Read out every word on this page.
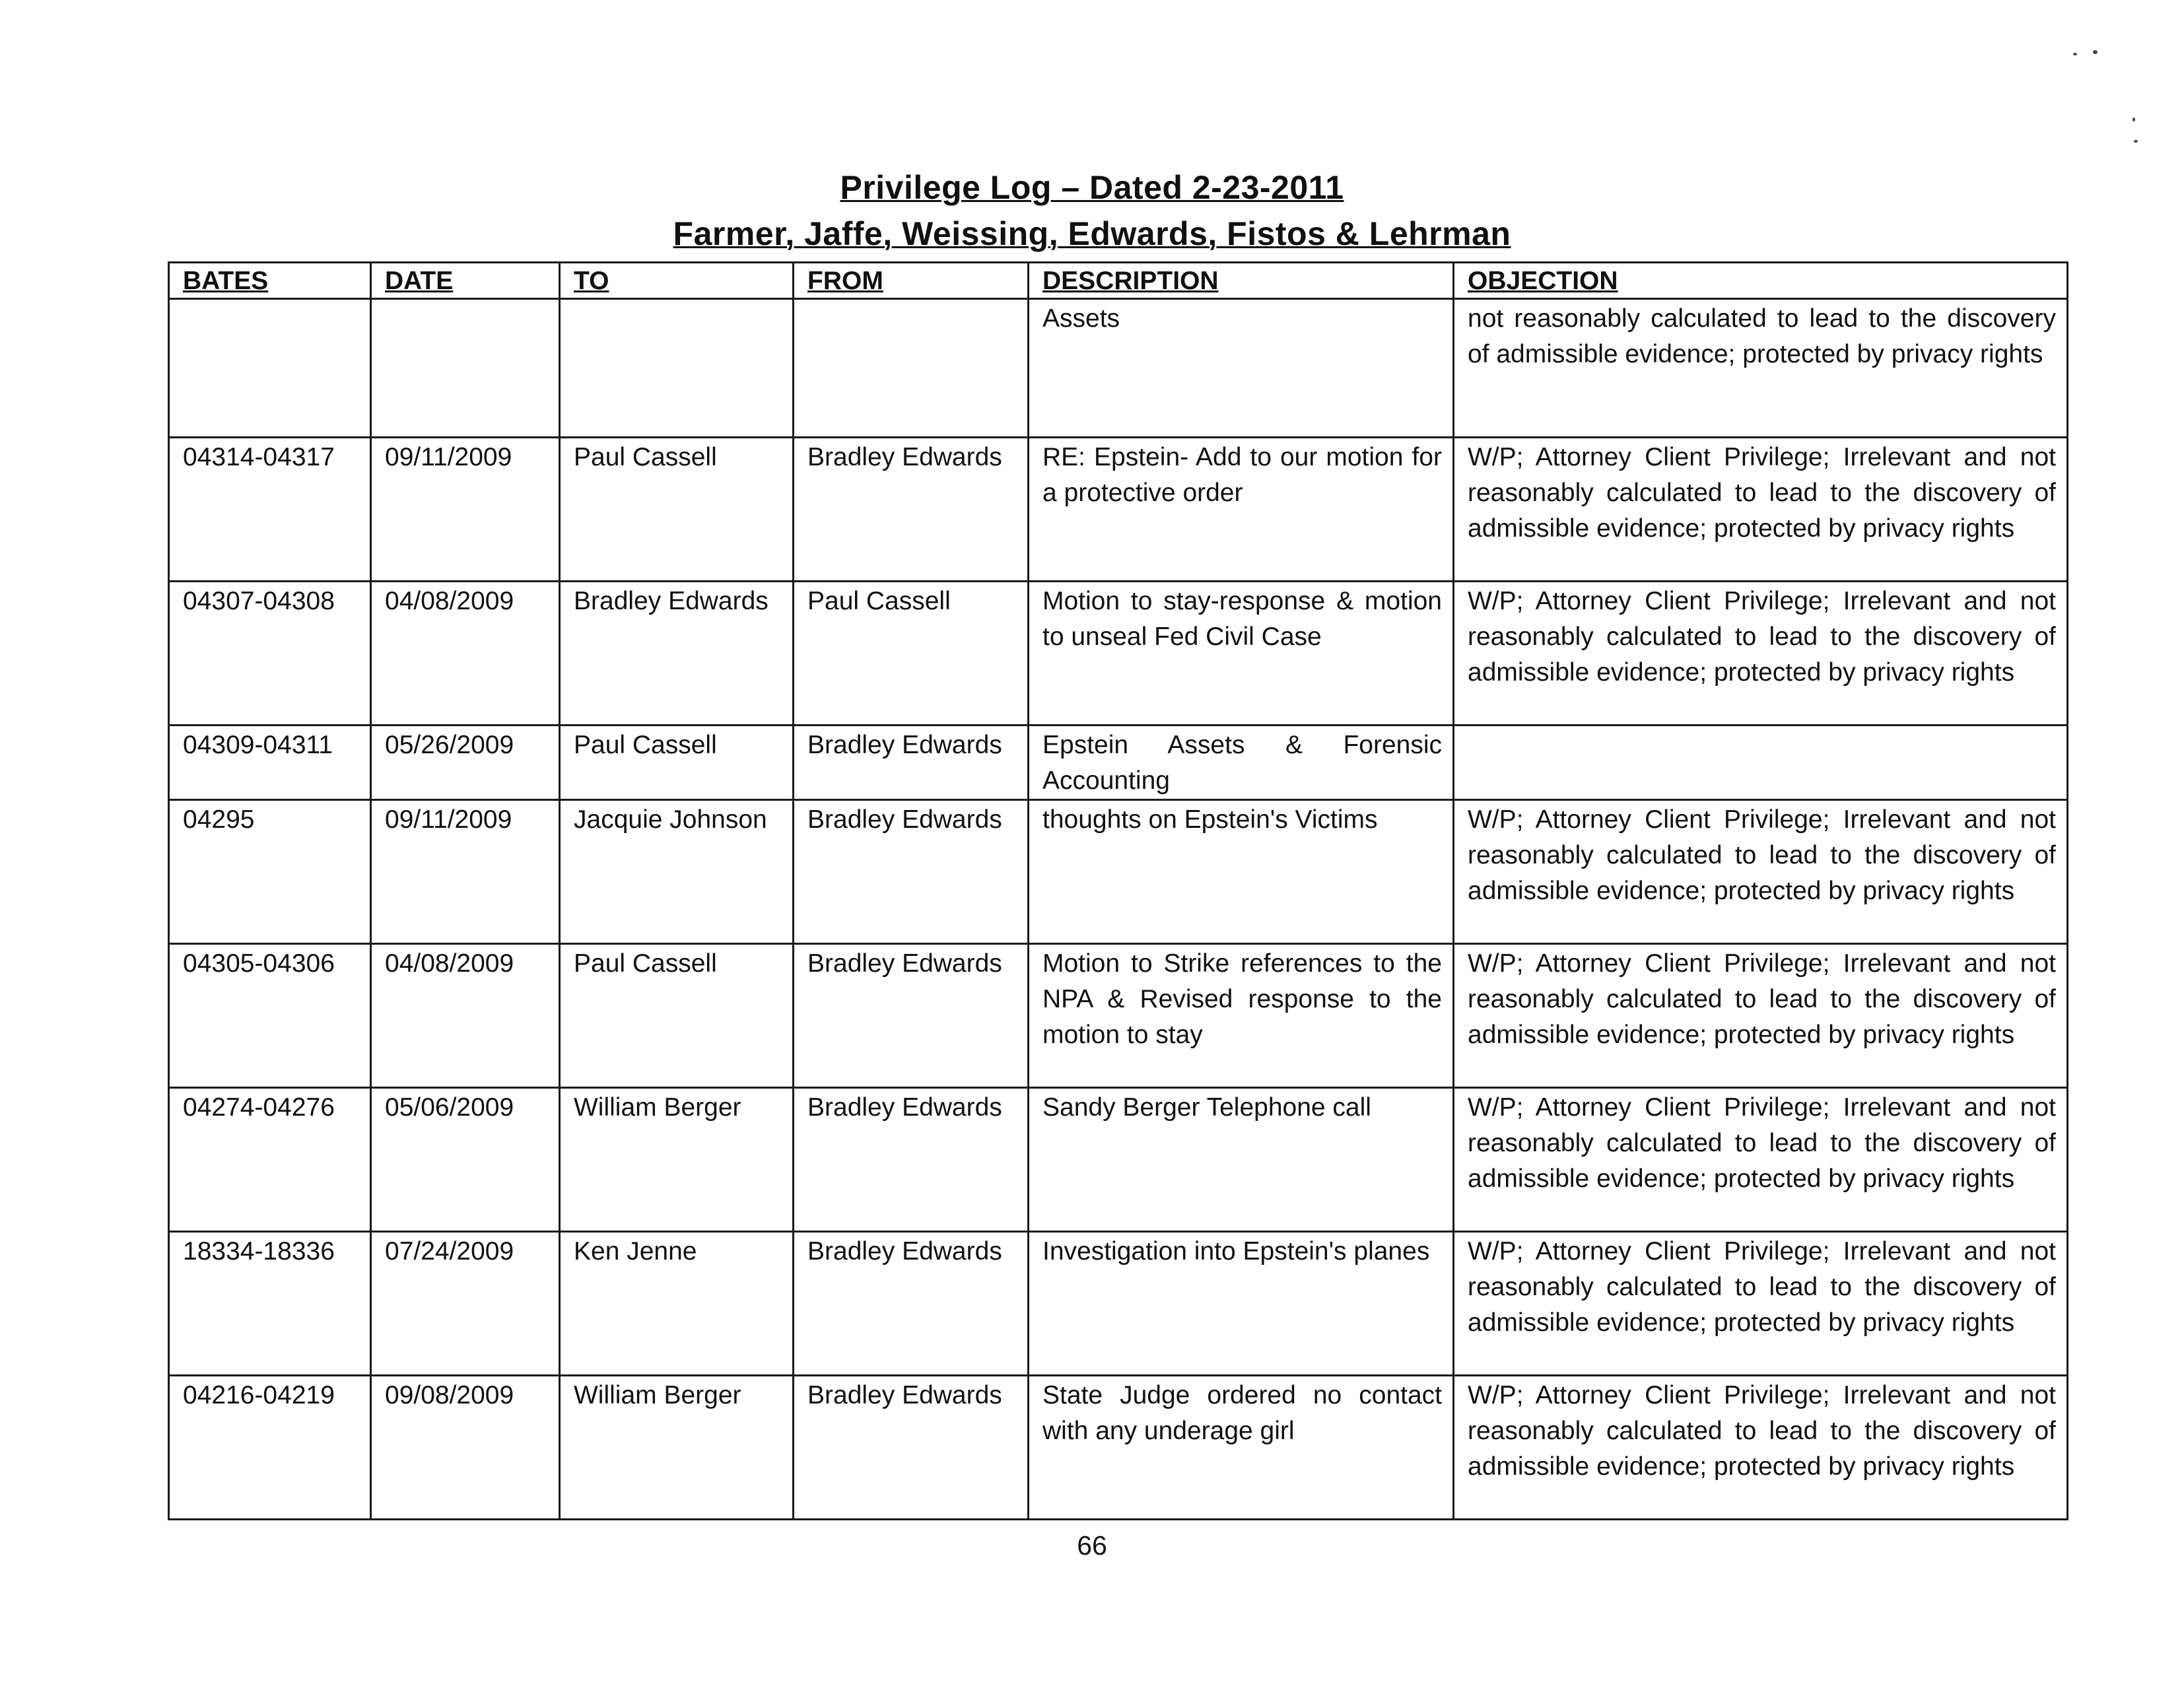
Privilege Log – Dated 2-23-2011
Farmer, Jaffe, Weissing, Edwards, Fistos & Lehrman
BATES	DATE	TO	FROM	DESCRIPTION	OBJECTION
				Assets	not reasonably calculated to lead to the discovery of admissible evidence; protected by privacy rights
04314-04317	09/11/2009	Paul Cassell	Bradley Edwards	RE: Epstein- Add to our motion for a protective order	W/P; Attorney Client Privilege; Irrelevant and not reasonably calculated to lead to the discovery of admissible evidence; protected by privacy rights
04307-04308	04/08/2009	Bradley Edwards	Paul Cassell	Motion to stay-response & motion to unseal Fed Civil Case	W/P; Attorney Client Privilege; Irrelevant and not reasonably calculated to lead to the discovery of admissible evidence; protected by privacy rights
04309-04311	05/26/2009	Paul Cassell	Bradley Edwards	Epstein Assets & Forensic Accounting	
04295	09/11/2009	Jacquie Johnson	Bradley Edwards	thoughts on Epstein's Victims	W/P; Attorney Client Privilege; Irrelevant and not reasonably calculated to lead to the discovery of admissible evidence; protected by privacy rights
04305-04306	04/08/2009	Paul Cassell	Bradley Edwards	Motion to Strike references to the NPA & Revised response to the motion to stay	W/P; Attorney Client Privilege; Irrelevant and not reasonably calculated to lead to the discovery of admissible evidence; protected by privacy rights
04274-04276	05/06/2009	William Berger	Bradley Edwards	Sandy Berger Telephone call	W/P; Attorney Client Privilege; Irrelevant and not reasonably calculated to lead to the discovery of admissible evidence; protected by privacy rights
18334-18336	07/24/2009	Ken Jenne	Bradley Edwards	Investigation into Epstein's planes	W/P; Attorney Client Privilege; Irrelevant and not reasonably calculated to lead to the discovery of admissible evidence; protected by privacy rights
04216-04219	09/08/2009	William Berger	Bradley Edwards	State Judge ordered no contact with any underage girl	W/P; Attorney Client Privilege; Irrelevant and not reasonably calculated to lead to the discovery of admissible evidence; protected by privacy rights
66
